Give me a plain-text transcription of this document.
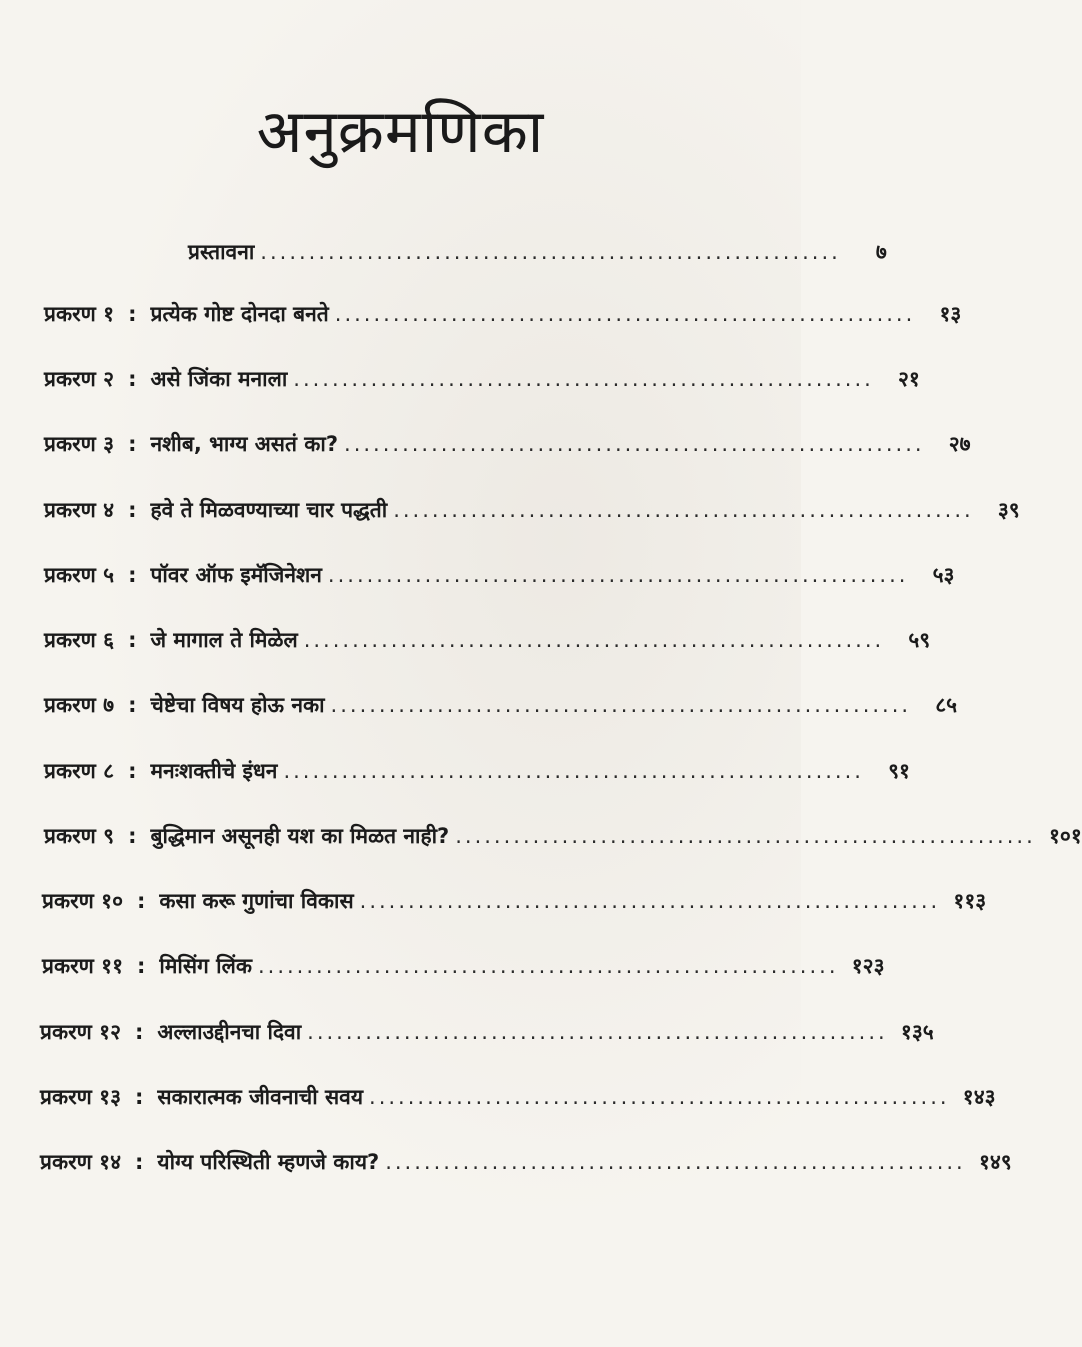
अनुक्रमणिका
प्रस्तावना ............................................................	७
प्रकरण १ : प्रत्येक गोष्ट दोनदा बनते ............................................................	१३
प्रकरण २ : असे जिंका मनाला ............................................................	२१
प्रकरण ३ : नशीब, भाग्य असतं का? ............................................................	२७
प्रकरण ४ : हवे ते मिळवण्याच्या चार पद्धती ............................................................	३९
प्रकरण ५ : पॉवर ऑफ इमॅजिनेशन ............................................................	५३
प्रकरण ६ : जे मागाल ते मिळेल ............................................................	५९
प्रकरण ७ : चेष्टेचा विषय होऊ नका ............................................................	८५
प्रकरण ८ : मनःशक्तीचे इंधन ............................................................	९१
प्रकरण ९ : बुद्धिमान असूनही यश का मिळत नाही? ............................................................ १०१
प्रकरण १० : कसा करू गुणांचा विकास ............................................................ ११३
प्रकरण ११ : मिसिंग लिंक ............................................................ १२३
प्रकरण १२ : अल्लाउद्दीनचा दिवा ............................................................ १३५
प्रकरण १३ : सकारात्मक जीवनाची सवय ............................................................ १४३
प्रकरण १४ : योग्य परिस्थिती म्हणजे काय? ............................................................ १४९
